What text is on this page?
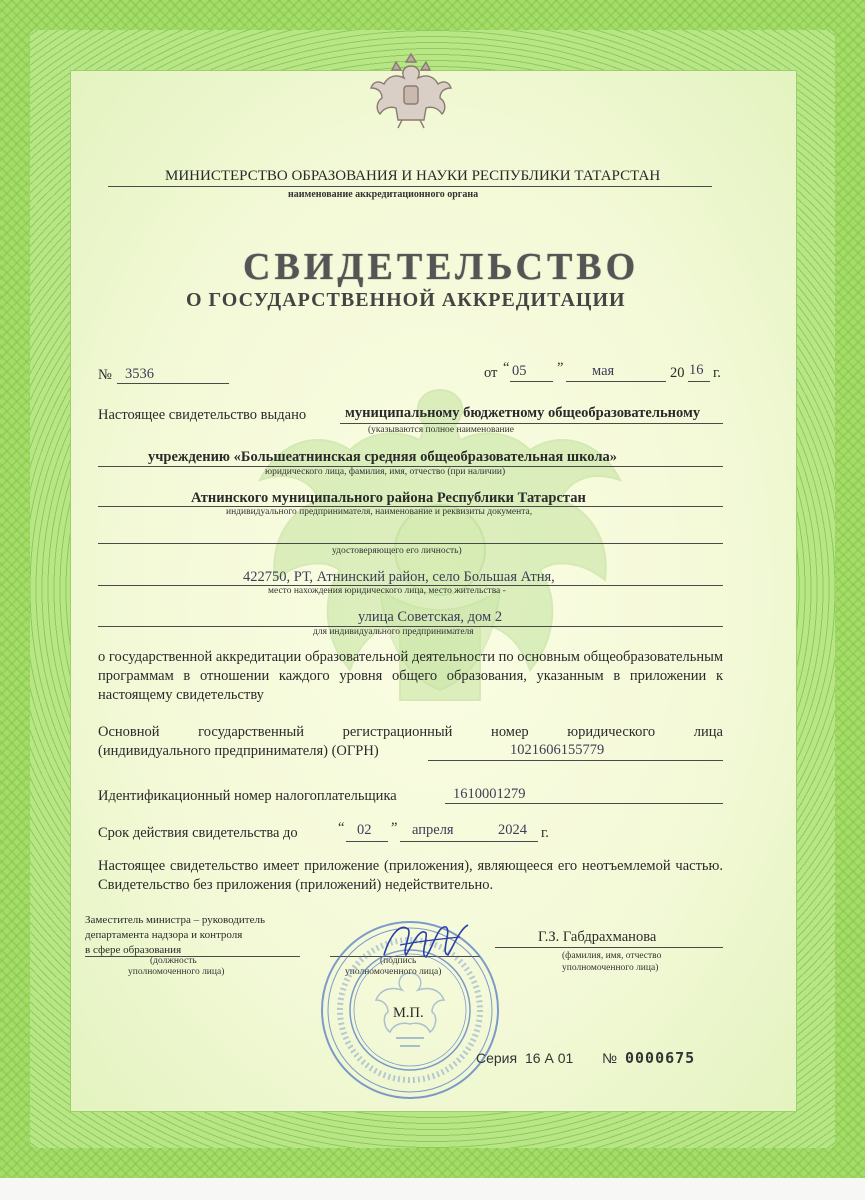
МИНИСТЕРСТВО ОБРАЗОВАНИЯ И НАУКИ РЕСПУБЛИКИ ТАТАРСТАН
наименование аккредитационного органа
СВИДЕТЕЛЬСТВО
О ГОСУДАРСТВЕННОЙ АККРЕДИТАЦИИ
№ 3536	от “ 05 ” мая	20 16 г.
Настоящее свидетельство выдано	муниципальному бюджетному общеобразовательному
(указываются полное наименование
учреждению «Большеатнинская средняя общеобразовательная школа»
юридического лица, фамилия, имя, отчество (при наличии)
Атнинского муниципального района Республики Татарстан
индивидуального предпринимателя, наименование и реквизиты документа,
удостоверяющего его личность)
422750, РТ, Атнинский район, село Большая Атня,
место нахождения юридического лица, место жительства -
улица Советская, дом 2
для индивидуального предпринимателя
о государственной аккредитации образовательной деятельности по основным общеобразовательным программам в отношении каждого уровня общего образования, указанным в приложении к настоящему свидетельству
Основной государственный регистрационный номер юридического лица
(индивидуального предпринимателя) (ОГРН)	1021606155779
Идентификационный номер налогоплательщика	1610001279
Срок действия свидетельства до	“ 02 ” апреля	2024 г.
Настоящее свидетельство имеет приложение (приложения), являющееся его неотъемлемой частью. Свидетельство без приложения (приложений) недействительно.
Заместитель министра – руководитель
департамента надзора и контроля
в сфере образования
(должность
уполномоченного лица)
(подпись
уполномоченного лица)
Г.З. Габдрахманова
(фамилия, имя, отчество
уполномоченного лица)
М.П.
Серия 16 А 01 № 0000675
